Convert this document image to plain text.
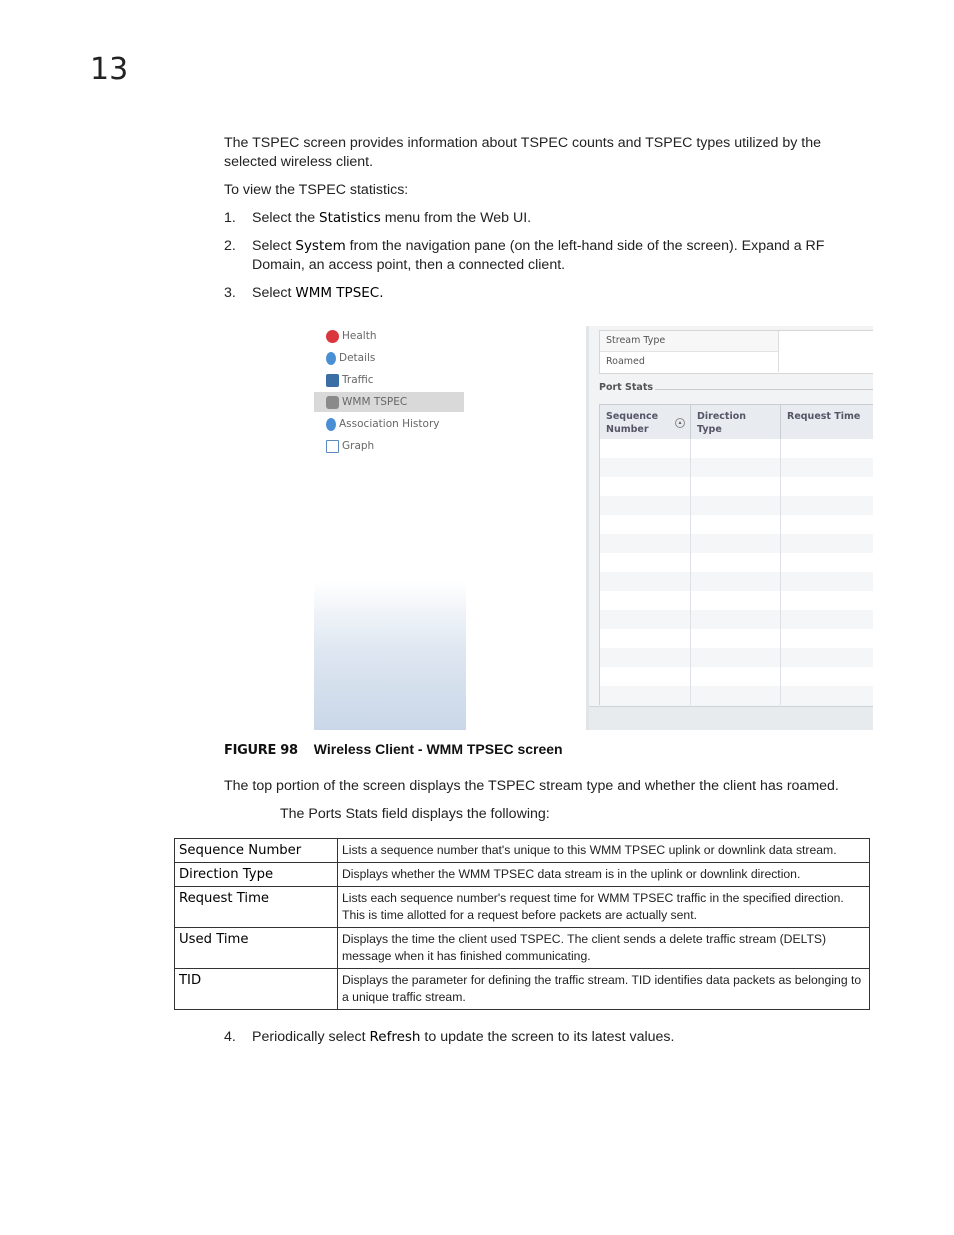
13

The TSPEC screen provides information about TSPEC counts and TSPEC types utilized by the selected wireless client.

To view the TSPEC statistics:

1. Select the Statistics menu from the Web UI.
2. Select System from the navigation pane (on the left-hand side of the screen). Expand a RF Domain, an access point, then a connected client.
3. Select WMM TPSEC.
Health
Details
Traffic
WMM TSPEC
Association History
Graph
Stream Type
Roamed
Port Stats
Sequence Number
▴
Direction Type
Request Time
FIGURE 98 Wireless Client - WMM TPSEC screen

The top portion of the screen displays the TSPEC stream type and whether the client has roamed.

The Ports Stats field displays the following:

Sequence Number	Lists a sequence number that's unique to this WMM TPSEC uplink or downlink data stream.
Direction Type	Displays whether the WMM TPSEC data stream is in the uplink or downlink direction.
Request Time	Lists each sequence number's request time for WMM TPSEC traffic in the specified direction. This is time allotted for a request before packets are actually sent.
Used Time	Displays the time the client used TSPEC. The client sends a delete traffic stream (DELTS) message when it has finished communicating.
TID	Displays the parameter for defining the traffic stream. TID identifies data packets as belonging to a unique traffic stream.
4. Periodically select Refresh to update the screen to its latest values.
